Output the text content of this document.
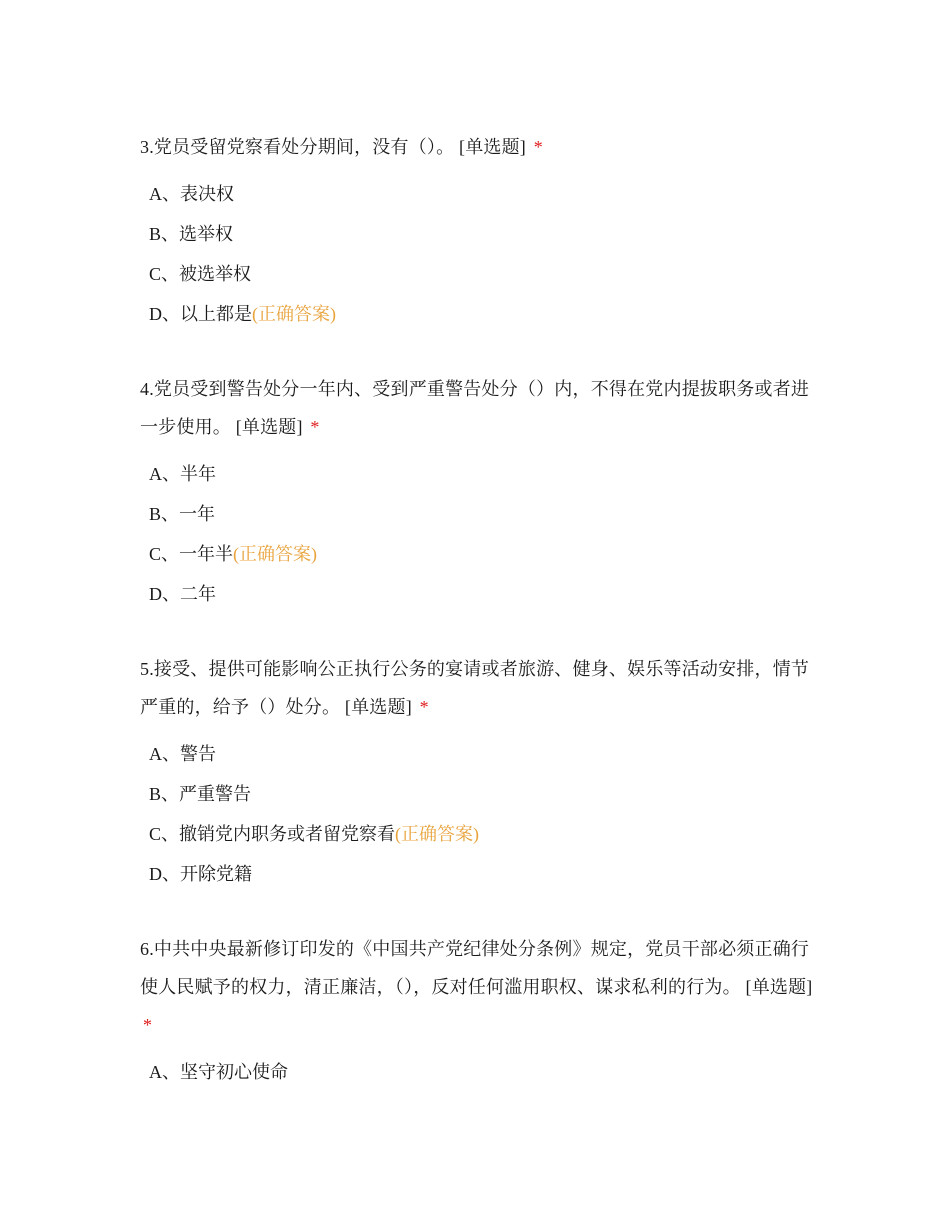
3.党员受留党察看处分期间，没有（）。 [单选题] *

A、表决权
B、选举权
C、被选举权
D、以上都是(正确答案)

4.党员受到警告处分一年内、受到严重警告处分（）内，不得在党内提拔职务或者进一步使用。 [单选题] *

A、半年
B、一年
C、一年半(正确答案)
D、二年

5.接受、提供可能影响公正执行公务的宴请或者旅游、健身、娱乐等活动安排，情节严重的，给予（）处分。 [单选题] *

A、警告
B、严重警告
C、撤销党内职务或者留党察看(正确答案)
D、开除党籍

6.中共中央最新修订印发的《中国共产党纪律处分条例》规定，党员干部必须正确行使人民赋予的权力，清正廉洁，（），反对任何滥用职权、谋求私利的行为。 [单选题] *

A、坚守初心使命
